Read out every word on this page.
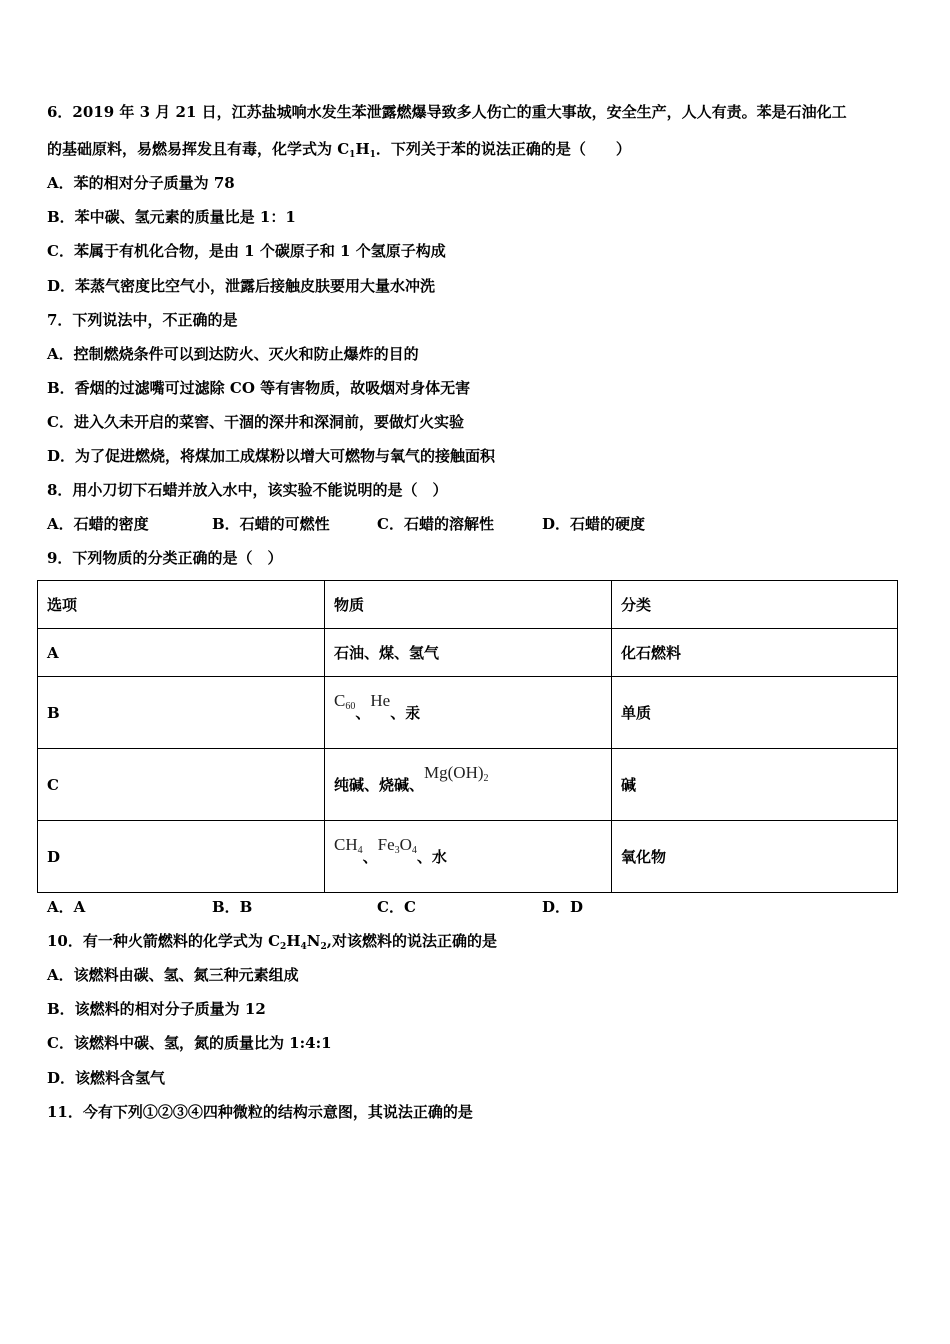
6．2019 年 3 月 21 日，江苏盐城响水发生苯泄露燃爆导致多人伤亡的重大事故，安全生产，人人有责。苯是石油化工
的基础原料，易燃易挥发且有毒，化学式为 $C_1H_1$．下列关于苯的说法正确的是（　　）
A．苯的相对分子质量为 78
B．苯中碳、氢元素的质量比是 1：1
C．苯属于有机化合物，是由 1 个碳原子和 1 个氢原子构成
D．苯蒸气密度比空气小，泄露后接触皮肤要用大量水冲洗
7．下列说法中，不正确的是
A．控制燃烧条件可以到达防火、灭火和防止爆炸的目的
B．香烟的过滤嘴可过滤除 CO 等有害物质，故吸烟对身体无害
C．进入久未开启的菜窖、干涸的深井和深洞前，要做灯火实验
D．为了促进燃烧，将煤加工成煤粉以增大可燃物与氧气的接触面积
8．用小刀切下石蜡并放入水中，该实验不能说明的是（　）
A．石蜡的密度	B．石蜡的可燃性	C．石蜡的溶解性	D．石蜡的硬度
9．下列物质的分类正确的是（　）
选项	物质	分类
A	石油、煤、氢气	化石燃料
B	C60、He、汞	单质
C	纯碱、烧碱、Mg(OH)2	碱
D	CH4、Fe3O4、水	氧化物
A．A	B．B	C．C	D．D
10．有一种火箭燃料的化学式为 $C_2H_4N_2$,对该燃料的说法正确的是
A．该燃料由碳、氢、氮三种元素组成
B．该燃料的相对分子质量为 12
C．该燃料中碳、氢，氮的质量比为 1:4:1
D．该燃料含氢气
11．今有下列①②③④四种微粒的结构示意图，其说法正确的是
